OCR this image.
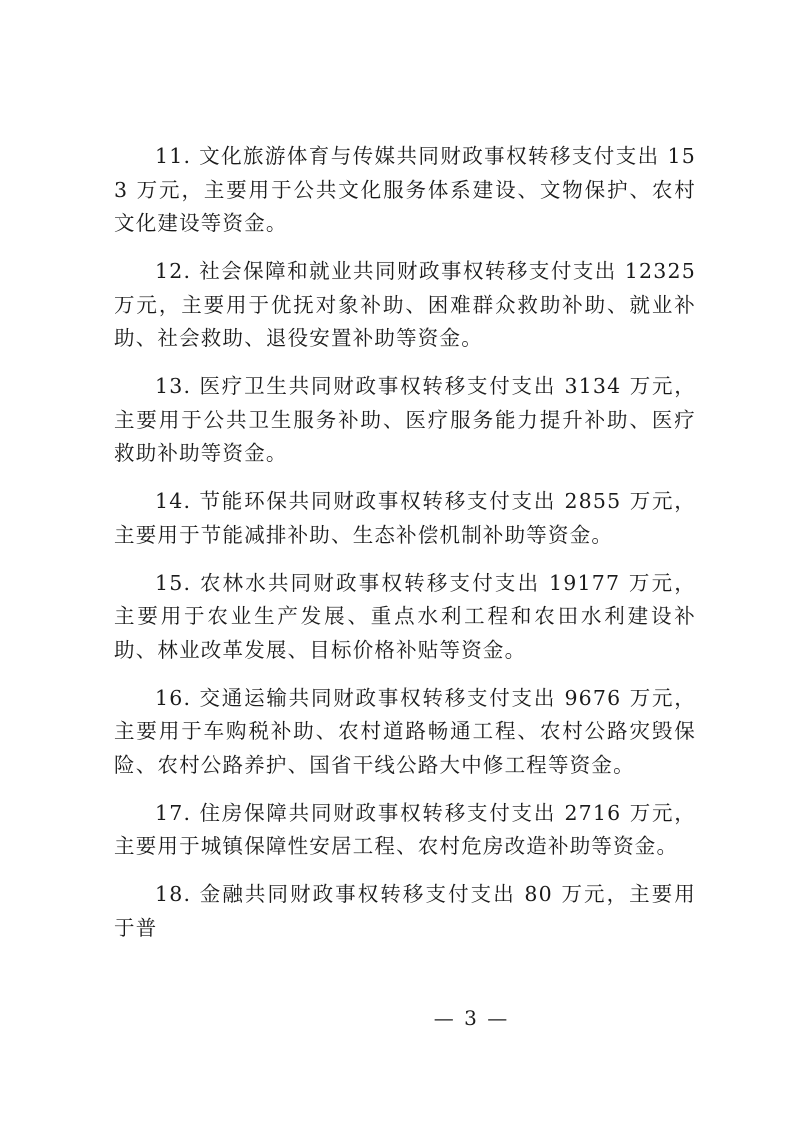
11. 文化旅游体育与传媒共同财政事权转移支付支出 153 万元，主要用于公共文化服务体系建设、文物保护、农村文化建设等资金。

12. 社会保障和就业共同财政事权转移支付支出 12325 万元，主要用于优抚对象补助、困难群众救助补助、就业补助、社会救助、退役安置补助等资金。

13. 医疗卫生共同财政事权转移支付支出 3134 万元，主要用于公共卫生服务补助、医疗服务能力提升补助、医疗救助补助等资金。

14. 节能环保共同财政事权转移支付支出 2855 万元，主要用于节能减排补助、生态补偿机制补助等资金。

15. 农林水共同财政事权转移支付支出 19177 万元，主要用于农业生产发展、重点水利工程和农田水利建设补助、林业改革发展、目标价格补贴等资金。

16. 交通运输共同财政事权转移支付支出 9676 万元，主要用于车购税补助、农村道路畅通工程、农村公路灾毁保险、农村公路养护、国省干线公路大中修工程等资金。

17. 住房保障共同财政事权转移支付支出 2716 万元，主要用于城镇保障性安居工程、农村危房改造补助等资金。

18. 金融共同财政事权转移支付支出 80 万元，主要用于普

— 3 —
